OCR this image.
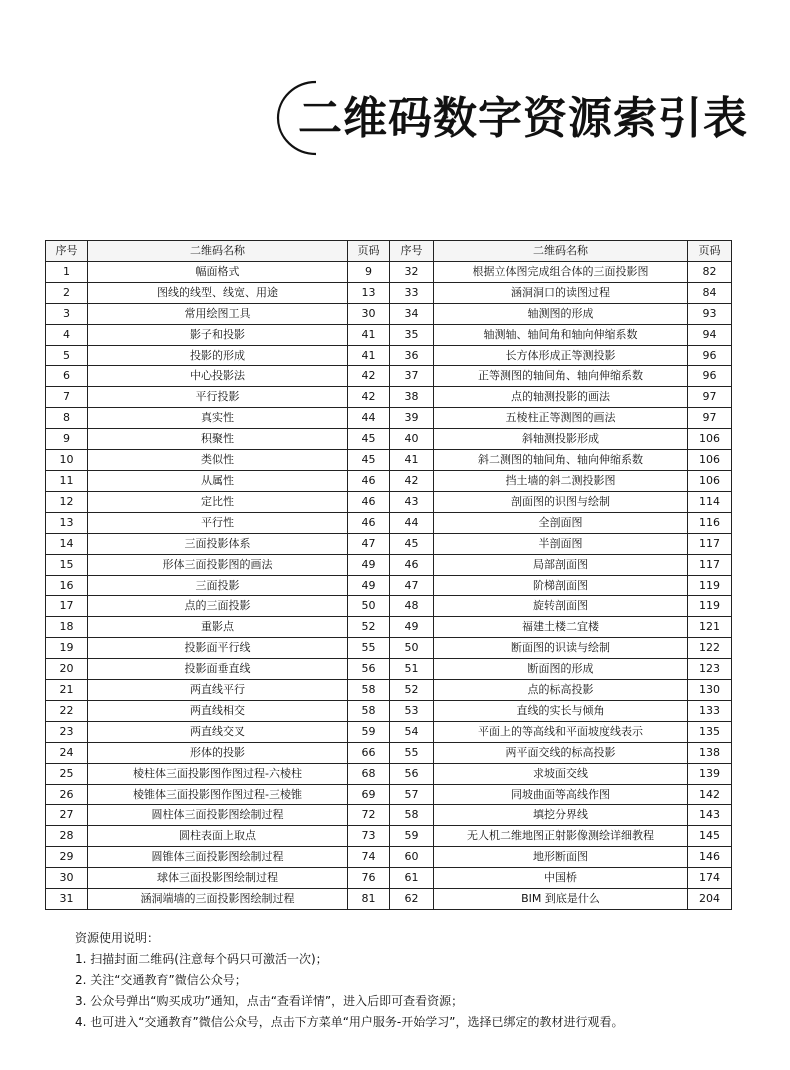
二维码数字资源索引表
序号	二维码名称	页码	序号	二维码名称	页码
1	幅面格式	9	32	根据立体图完成组合体的三面投影图	82
2	图线的线型、线宽、用途	13	33	涵洞洞口的读图过程	84
3	常用绘图工具	30	34	轴测图的形成	93
4	影子和投影	41	35	轴测轴、轴间角和轴向伸缩系数	94
5	投影的形成	41	36	长方体形成正等测投影	96
6	中心投影法	42	37	正等测图的轴间角、轴向伸缩系数	96
7	平行投影	42	38	点的轴测投影的画法	97
8	真实性	44	39	五棱柱正等测图的画法	97
9	积聚性	45	40	斜轴测投影形成	106
10	类似性	45	41	斜二测图的轴间角、轴向伸缩系数	106
11	从属性	46	42	挡土墙的斜二测投影图	106
12	定比性	46	43	剖面图的识图与绘制	114
13	平行性	46	44	全剖面图	116
14	三面投影体系	47	45	半剖面图	117
15	形体三面投影图的画法	49	46	局部剖面图	117
16	三面投影	49	47	阶梯剖面图	119
17	点的三面投影	50	48	旋转剖面图	119
18	重影点	52	49	福建土楼二宜楼	121
19	投影面平行线	55	50	断面图的识读与绘制	122
20	投影面垂直线	56	51	断面图的形成	123
21	两直线平行	58	52	点的标高投影	130
22	两直线相交	58	53	直线的实长与倾角	133
23	两直线交叉	59	54	平面上的等高线和平面坡度线表示	135
24	形体的投影	66	55	两平面交线的标高投影	138
25	棱柱体三面投影图作图过程-六棱柱	68	56	求坡面交线	139
26	棱锥体三面投影图作图过程-三棱锥	69	57	同坡曲面等高线作图	142
27	圆柱体三面投影图绘制过程	72	58	填挖分界线	143
28	圆柱表面上取点	73	59	无人机二维地图正射影像测绘详细教程	145
29	圆锥体三面投影图绘制过程	74	60	地形断面图	146
30	球体三面投影图绘制过程	76	61	中国桥	174
31	涵洞端墙的三面投影图绘制过程	81	62	BIM 到底是什么	204
资源使用说明：
1. 扫描封面二维码(注意每个码只可激活一次)；
2. 关注“交通教育”微信公众号；
3. 公众号弹出“购买成功”通知，点击“查看详情”，进入后即可查看资源；
4. 也可进入“交通教育”微信公众号，点击下方菜单“用户服务-开始学习”，选择已绑定的教材进行观看。
